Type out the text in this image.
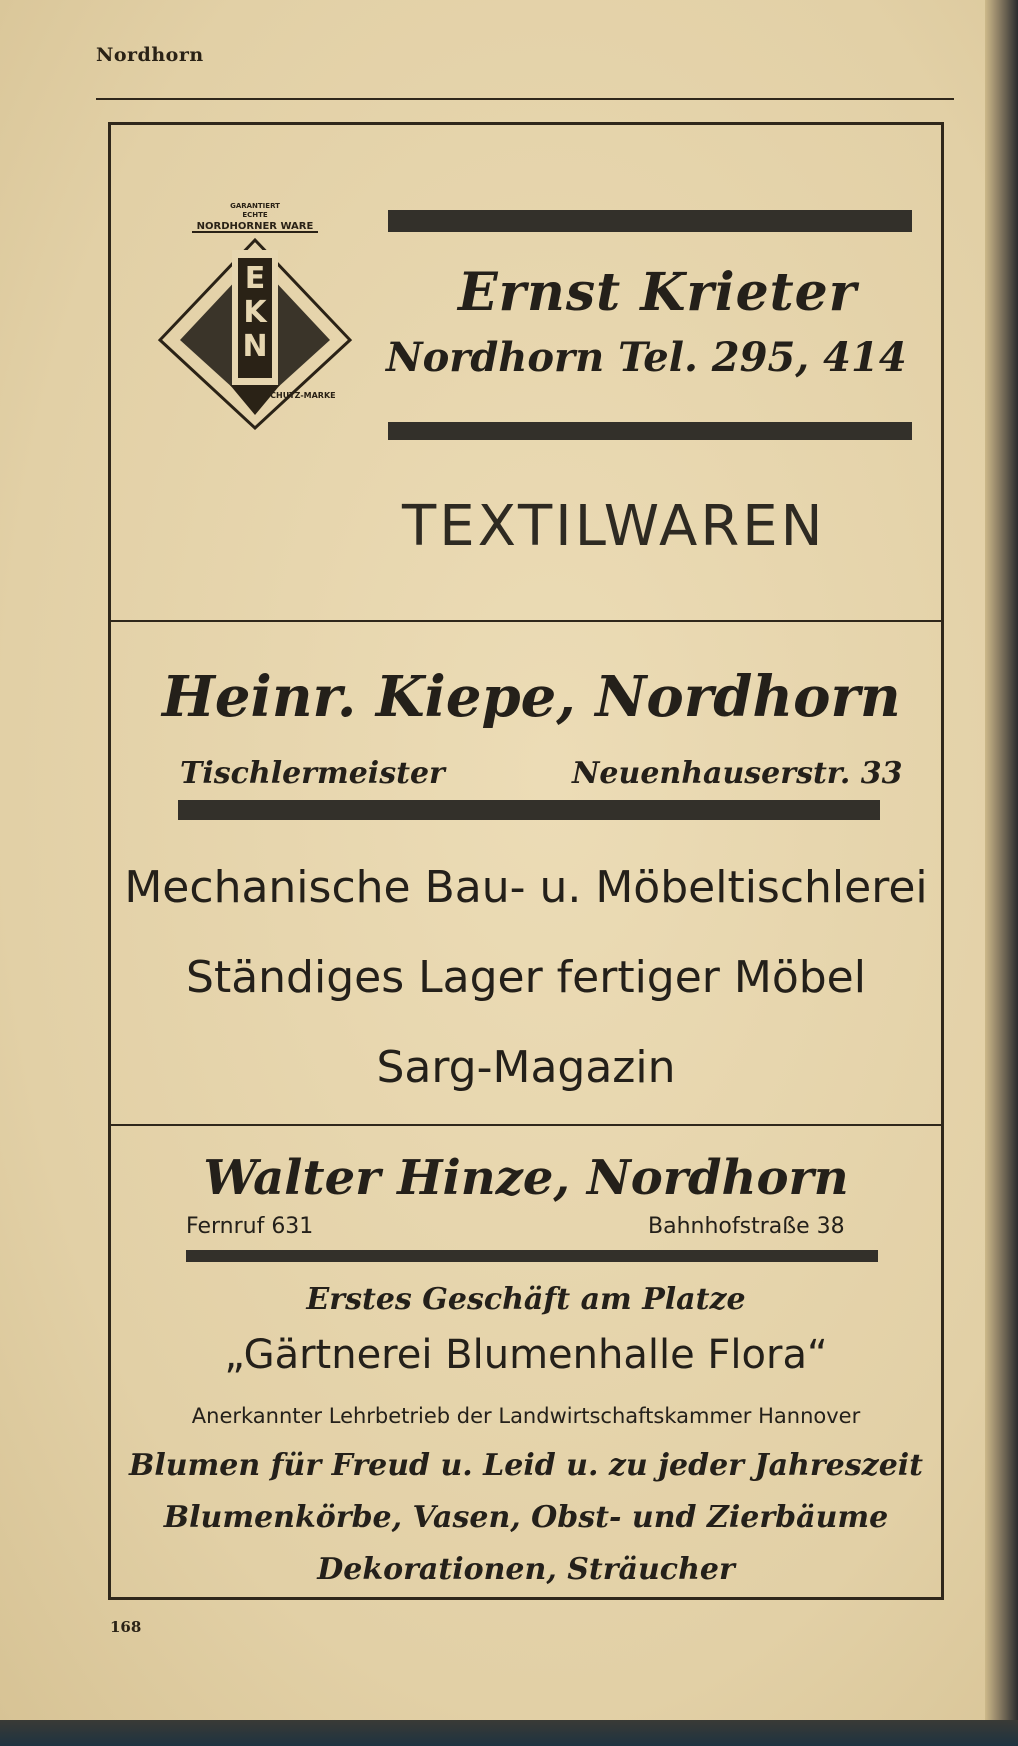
Nordhorn
E
K
N
GARANTIERT
ECHTE
NORDHORNER WARE
SCHUTZ-MARKE
Ernst Krieter
Nordhorn Tel. 295, 414
TEXTILWAREN
Heinr. Kiepe, Nordhorn
Tischlermeister	Neuenhauserstr. 33
Mechanische Bau- u. Möbeltischlerei
Ständiges Lager fertiger Möbel
Sarg-Magazin
Walter Hinze, Nordhorn
Fernruf 631	Bahnhofstraße 38
Erstes Geschäft am Platze
„Gärtnerei Blumenhalle Flora“
Anerkannter Lehrbetrieb der Landwirtschaftskammer Hannover
Blumen für Freud u. Leid u. zu jeder Jahreszeit
Blumenkörbe, Vasen, Obst- und Zierbäume
Dekorationen, Sträucher
168
